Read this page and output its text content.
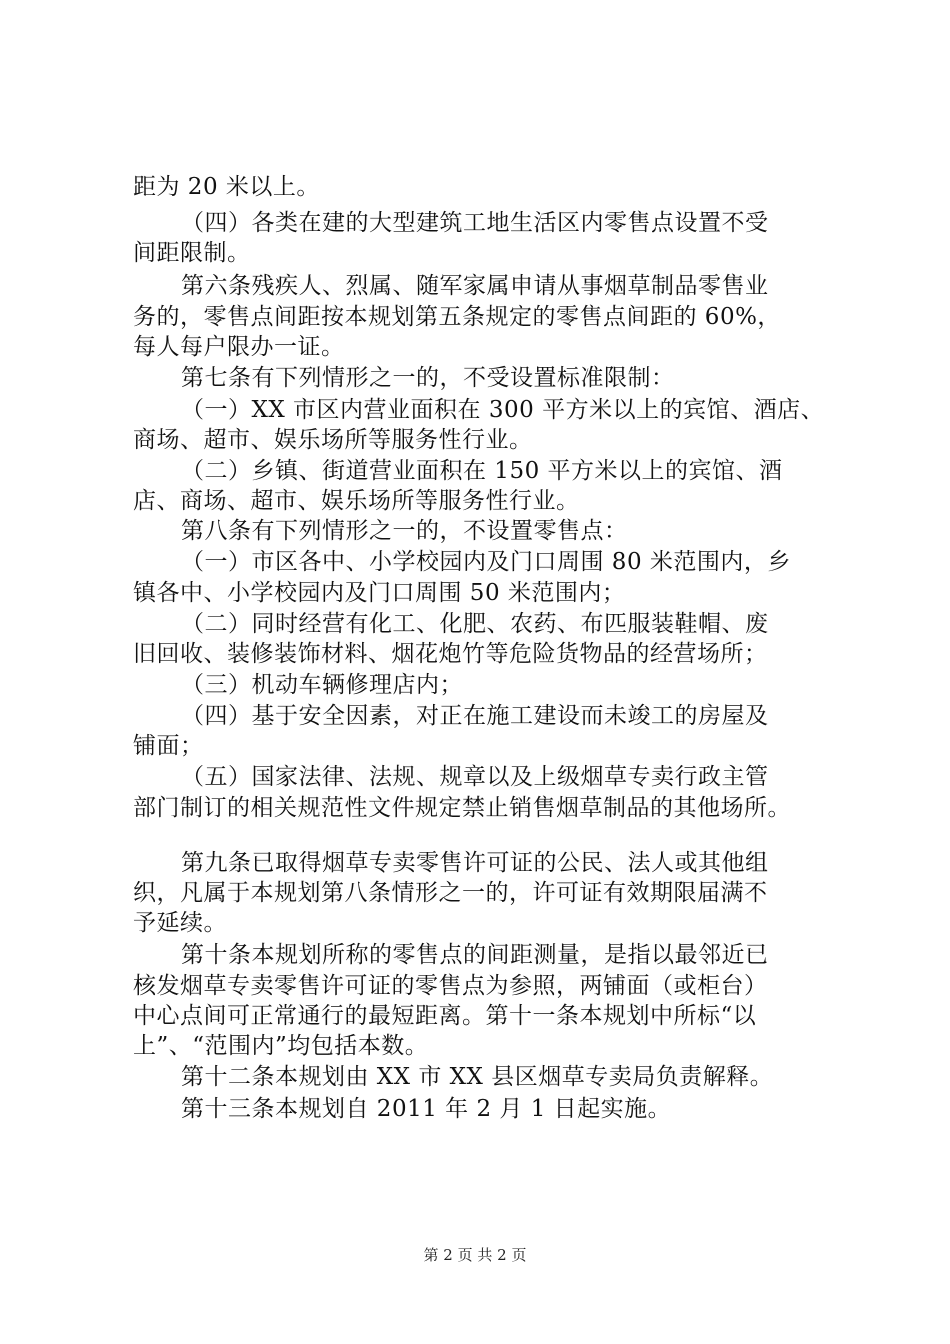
距为 20 米以上。
（四）各类在建的大型建筑工地生活区内零售点设置不受
间距限制。
第六条残疾人、烈属、随军家属申请从事烟草制品零售业
务的，零售点间距按本规划第五条规定的零售点间距的 60%，
每人每户限办一证。
第七条有下列情形之一的，不受设置标准限制：
（一）XX 市区内营业面积在 300 平方米以上的宾馆、酒店、
商场、超市、娱乐场所等服务性行业。
（二）乡镇、街道营业面积在 150 平方米以上的宾馆、酒
店、商场、超市、娱乐场所等服务性行业。
第八条有下列情形之一的，不设置零售点：
（一）市区各中、小学校园内及门口周围 80 米范围内，乡
镇各中、小学校园内及门口周围 50 米范围内；
（二）同时经营有化工、化肥、农药、布匹服装鞋帽、废
旧回收、装修装饰材料、烟花炮竹等危险货物品的经营场所；
（三）机动车辆修理店内；
（四）基于安全因素，对正在施工建设而未竣工的房屋及
铺面；
（五）国家法律、法规、规章以及上级烟草专卖行政主管
部门制订的相关规范性文件规定禁止销售烟草制品的其他场所。
第九条已取得烟草专卖零售许可证的公民、法人或其他组
织，凡属于本规划第八条情形之一的，许可证有效期限届满不
予延续。
第十条本规划所称的零售点的间距测量，是指以最邻近已
核发烟草专卖零售许可证的零售点为参照，两铺面（或柜台）
中心点间可正常通行的最短距离。第十一条本规划中所标“以
上”、“范围内”均包括本数。
第十二条本规划由 XX 市 XX 县区烟草专卖局负责解释。
第十三条本规划自 2011 年 2 月 1 日起实施。
第 2 页 共 2 页
